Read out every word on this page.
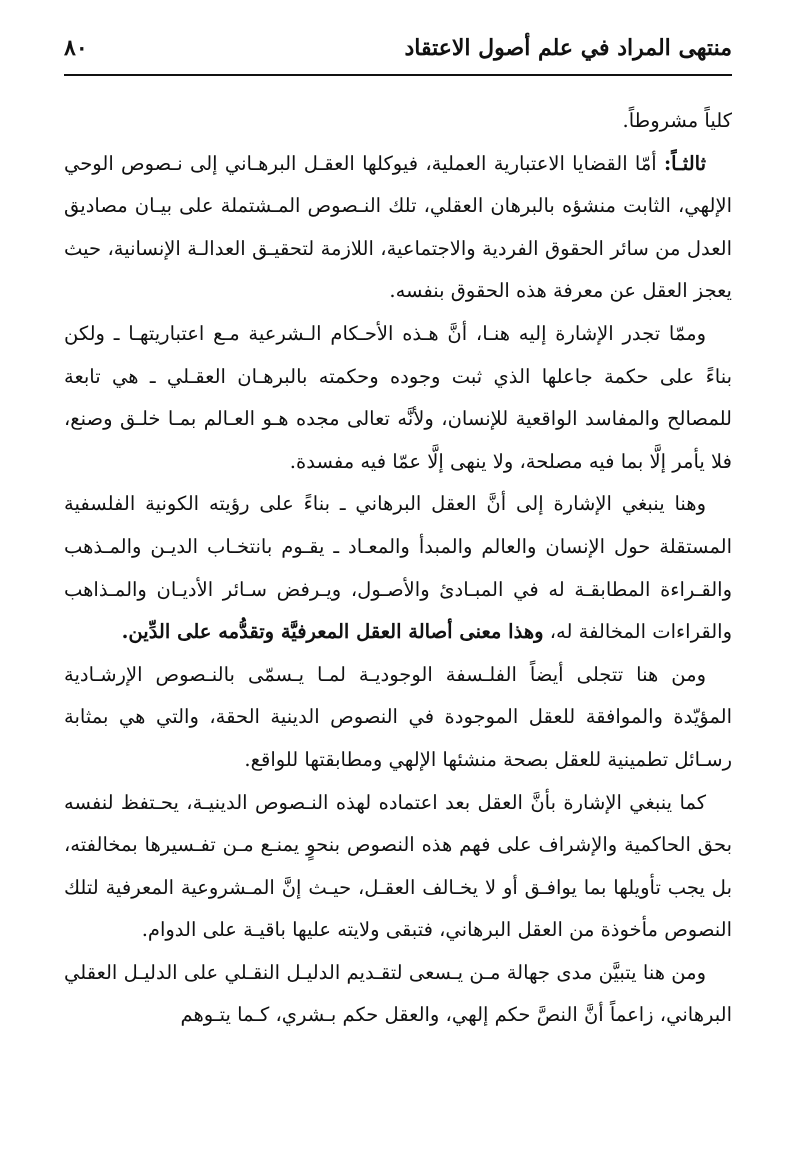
منتهى المراد في علم أصول الاعتقاد
٨٠

كلياً مشروطاً.

ثالثـاً: أمّا القضايا الاعتبارية العملية، فيوكلها العقـل البرهـاني إلى نـصوص الوحي الإلهي، الثابت منشؤه بالبرهان العقلي، تلك النـصوص المـشتملة على بيـان مصاديق العدل من سائر الحقوق الفردية والاجتماعية، اللازمة لتحقيـق العدالـة الإنسانية، حيث يعجز العقل عن معرفة هذه الحقوق بنفسه.

وممّا تجدر الإشارة إليه هنـا، أنَّ هـذه الأحـكام الـشرعية مـع اعتباريتهـا ـ ولكن بناءً على حكمة جاعلها الذي ثبت وجوده وحكمته بالبرهـان العقـلي ـ هي تابعة للمصالح والمفاسد الواقعية للإنسان، ولأنَّه تعالى مجده هـو العـالم بمـا خلـق وصنع، فلا يأمر إلَّا بما فيه مصلحة، ولا ينهى إلَّا عمّا فيه مفسدة.

وهنا ينبغي الإشارة إلى أنَّ العقل البرهاني ـ بناءً على رؤيته الكونية الفلسفية المستقلة حول الإنسان والعالم والمبدأ والمعـاد ـ يقـوم بانتخـاب الديـن والمـذهب والقـراءة المطابقـة له في المبـادئ والأصـول، ويـرفض سـائر الأديـان والمـذاهب والقراءات المخالفة له، وهذا معنى أصالة العقل المعرفيَّة وتقدُّمه على الدِّين.

ومن هنا تتجلى أيضاً الفلـسفة الوجوديـة لمـا يـسمّى بالنـصوص الإرشـادية المؤيّدة والموافقة للعقل الموجودة في النصوص الدينية الحقة، والتي هي بمثابة رسـائل تطمينية للعقل بصحة منشئها الإلهي ومطابقتها للواقع.

كما ينبغي الإشارة بأنَّ العقل بعد اعتماده لهذه النـصوص الدينيـة، يحـتفظ لنفسه بحق الحاكمية والإشراف على فهم هذه النصوص بنحوٍ يمنـع مـن تفـسيرها بمخالفته، بل يجب تأويلها بما يوافـق أو لا يخـالف العقـل، حيـث إنَّ المـشروعية المعرفية لتلك النصوص مأخوذة من العقل البرهاني، فتبقى ولايته عليها باقيـة على الدوام.

ومن هنا يتبيَّن مدى جهالة مـن يـسعى لتقـديم الدليـل النقـلي على الدليـل العقلي البرهاني، زاعماً أنَّ النصَّ حكم إلهي، والعقل حكم بـشري، كـما يتـوهم
